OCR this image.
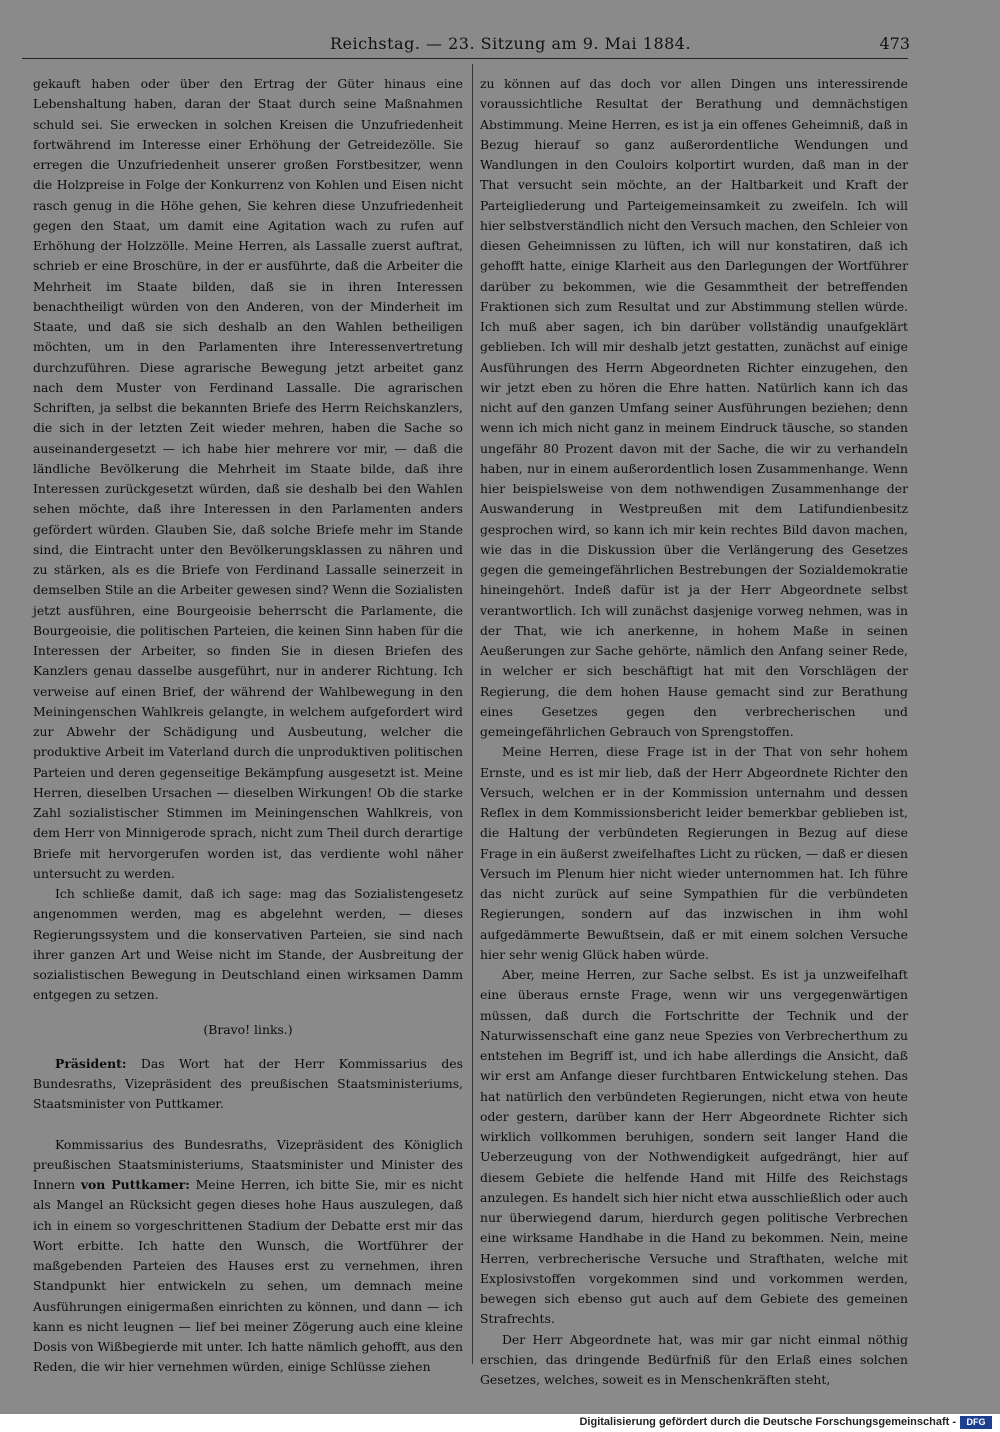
Reichstag. — 23. Sitzung am 9. Mai 1884.	473

gekauft haben oder über den Ertrag der Güter hinaus eine Lebenshaltung haben, daran der Staat durch seine Maßnahmen schuld sei. Sie erwecken in solchen Kreisen die Unzufriedenheit fortwährend im Interesse einer Erhöhung der Getreidezölle. Sie erregen die Unzufriedenheit unserer großen Forstbesitzer, wenn die Holzpreise in Folge der Konkurrenz von Kohlen und Eisen nicht rasch genug in die Höhe gehen, Sie kehren diese Unzufriedenheit gegen den Staat, um damit eine Agitation wach zu rufen auf Erhöhung der Holzzölle. Meine Herren, als Lassalle zuerst auftrat, schrieb er eine Broschüre, in der er ausführte, daß die Arbeiter die Mehrheit im Staate bilden, daß sie in ihren Interessen benachtheiligt würden von den Anderen, von der Minderheit im Staate, und daß sie sich deshalb an den Wahlen betheiligen möchten, um in den Parlamenten ihre Interessenvertretung durchzuführen. Diese agrarische Bewegung jetzt arbeitet ganz nach dem Muster von Ferdinand Lassalle. Die agrarischen Schriften, ja selbst die bekannten Briefe des Herrn Reichskanzlers, die sich in der letzten Zeit wieder mehren, haben die Sache so auseinandergesetzt — ich habe hier mehrere vor mir, — daß die ländliche Bevölkerung die Mehrheit im Staate bilde, daß ihre Interessen zurückgesetzt würden, daß sie deshalb bei den Wahlen sehen möchte, daß ihre Interessen in den Parlamenten anders gefördert würden. Glauben Sie, daß solche Briefe mehr im Stande sind, die Eintracht unter den Bevölkerungsklassen zu nähren und zu stärken, als es die Briefe von Ferdinand Lassalle seinerzeit in demselben Stile an die Arbeiter gewesen sind? Wenn die Sozialisten jetzt ausführen, eine Bourgeoisie beherrscht die Parlamente, die Bourgeoisie, die politischen Parteien, die keinen Sinn haben für die Interessen der Arbeiter, so finden Sie in diesen Briefen des Kanzlers genau dasselbe ausgeführt, nur in anderer Richtung. Ich verweise auf einen Brief, der während der Wahlbewegung in den Meiningenschen Wahlkreis gelangte, in welchem aufgefordert wird zur Abwehr der Schädigung und Ausbeutung, welcher die produktive Arbeit im Vaterland durch die unproduktiven politischen Parteien und deren gegenseitige Bekämpfung ausgesetzt ist. Meine Herren, dieselben Ursachen — dieselben Wirkungen! Ob die starke Zahl sozialistischer Stimmen im Meiningenschen Wahlkreis, von dem Herr von Minnigerode sprach, nicht zum Theil durch derartige Briefe mit hervorgerufen worden ist, das verdiente wohl näher untersucht zu werden.

Ich schließe damit, daß ich sage: mag das Sozialistengesetz angenommen werden, mag es abgelehnt werden, — dieses Regierungssystem und die konservativen Parteien, sie sind nach ihrer ganzen Art und Weise nicht im Stande, der Ausbreitung der sozialistischen Bewegung in Deutschland einen wirksamen Damm entgegen zu setzen.

(Bravo! links.)

Präsident: Das Wort hat der Herr Kommissarius des Bundesraths, Vizepräsident des preußischen Staatsministeriums, Staatsminister von Puttkamer.

Kommissarius des Bundesraths, Vizepräsident des Königlich preußischen Staatsministeriums, Staatsminister und Minister des Innern von Puttkamer: Meine Herren, ich bitte Sie, mir es nicht als Mangel an Rücksicht gegen dieses hohe Haus auszulegen, daß ich in einem so vorgeschrittenen Stadium der Debatte erst mir das Wort erbitte. Ich hatte den Wunsch, die Wortführer der maßgebenden Parteien des Hauses erst zu vernehmen, ihren Standpunkt hier entwickeln zu sehen, um demnach meine Ausführungen einigermaßen einrichten zu können, und dann — ich kann es nicht leugnen — lief bei meiner Zögerung auch eine kleine Dosis von Wißbegierde mit unter. Ich hatte nämlich gehofft, aus den Reden, die wir hier vernehmen würden, einige Schlüsse ziehen

zu können auf das doch vor allen Dingen uns interessirende voraussichtliche Resultat der Berathung und demnächstigen Abstimmung. Meine Herren, es ist ja ein offenes Geheimniß, daß in Bezug hierauf so ganz außerordentliche Wendungen und Wandlungen in den Couloirs kolportirt wurden, daß man in der That versucht sein möchte, an der Haltbarkeit und Kraft der Parteigliederung und Parteigemeinsamkeit zu zweifeln. Ich will hier selbstverständlich nicht den Versuch machen, den Schleier von diesen Geheimnissen zu lüften, ich will nur konstatiren, daß ich gehofft hatte, einige Klarheit aus den Darlegungen der Wortführer darüber zu bekommen, wie die Gesammtheit der betreffenden Fraktionen sich zum Resultat und zur Abstimmung stellen würde. Ich muß aber sagen, ich bin darüber vollständig unaufgeklärt geblieben. Ich will mir deshalb jetzt gestatten, zunächst auf einige Ausführungen des Herrn Abgeordneten Richter einzugehen, den wir jetzt eben zu hören die Ehre hatten. Natürlich kann ich das nicht auf den ganzen Umfang seiner Ausführungen beziehen; denn wenn ich mich nicht ganz in meinem Eindruck täusche, so standen ungefähr 80 Prozent davon mit der Sache, die wir zu verhandeln haben, nur in einem außerordentlich losen Zusammenhange. Wenn hier beispielsweise von dem nothwendigen Zusammenhange der Auswanderung in Westpreußen mit dem Latifundienbesitz gesprochen wird, so kann ich mir kein rechtes Bild davon machen, wie das in die Diskussion über die Verlängerung des Gesetzes gegen die gemeingefährlichen Bestrebungen der Sozialdemokratie hineingehört. Indeß dafür ist ja der Herr Abgeordnete selbst verantwortlich. Ich will zunächst dasjenige vorweg nehmen, was in der That, wie ich anerkenne, in hohem Maße in seinen Aeußerungen zur Sache gehörte, nämlich den Anfang seiner Rede, in welcher er sich beschäftigt hat mit den Vorschlägen der Regierung, die dem hohen Hause gemacht sind zur Berathung eines Gesetzes gegen den verbrecherischen und gemeingefährlichen Gebrauch von Sprengstoffen.

Meine Herren, diese Frage ist in der That von sehr hohem Ernste, und es ist mir lieb, daß der Herr Abgeordnete Richter den Versuch, welchen er in der Kommission unternahm und dessen Reflex in dem Kommissionsbericht leider bemerkbar geblieben ist, die Haltung der verbündeten Regierungen in Bezug auf diese Frage in ein äußerst zweifelhaftes Licht zu rücken, — daß er diesen Versuch im Plenum hier nicht wieder unternommen hat. Ich führe das nicht zurück auf seine Sympathien für die verbündeten Regierungen, sondern auf das inzwischen in ihm wohl aufgedämmerte Bewußtsein, daß er mit einem solchen Versuche hier sehr wenig Glück haben würde.

Aber, meine Herren, zur Sache selbst. Es ist ja unzweifelhaft eine überaus ernste Frage, wenn wir uns vergegenwärtigen müssen, daß durch die Fortschritte der Technik und der Naturwissenschaft eine ganz neue Spezies von Verbrecherthum zu entstehen im Begriff ist, und ich habe allerdings die Ansicht, daß wir erst am Anfange dieser furchtbaren Entwickelung stehen. Das hat natürlich den verbündeten Regierungen, nicht etwa von heute oder gestern, darüber kann der Herr Abgeordnete Richter sich wirklich vollkommen beruhigen, sondern seit langer Hand die Ueberzeugung von der Nothwendigkeit aufgedrängt, hier auf diesem Gebiete die helfende Hand mit Hilfe des Reichstags anzulegen. Es handelt sich hier nicht etwa ausschließlich oder auch nur überwiegend darum, hierdurch gegen politische Verbrechen eine wirksame Handhabe in die Hand zu bekommen. Nein, meine Herren, verbrecherische Versuche und Strafthaten, welche mit Explosivstoffen vorgekommen sind und vorkommen werden, bewegen sich ebenso gut auch auf dem Gebiete des gemeinen Strafrechts.

Der Herr Abgeordnete hat, was mir gar nicht einmal nöthig erschien, das dringende Bedürfniß für den Erlaß eines solchen Gesetzes, welches, soweit es in Menschenkräften steht,

Digitalisierung gefördert durch die Deutsche Forschungsgemeinschaft -	DFG
